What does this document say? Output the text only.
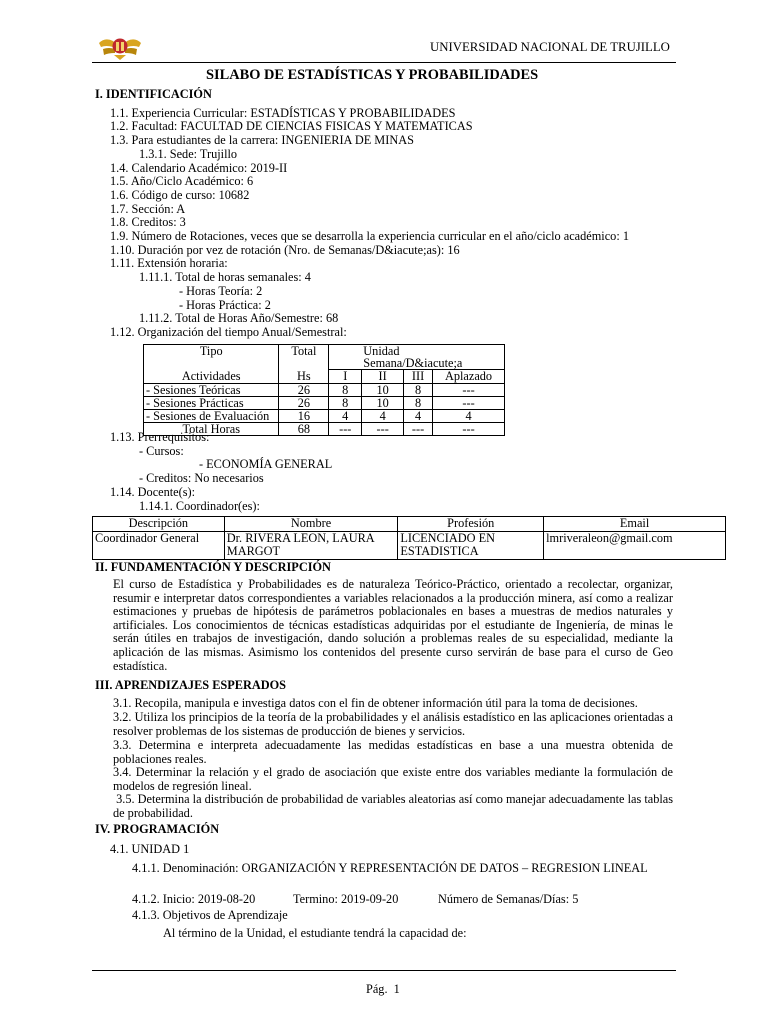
UNIVERSIDAD NACIONAL DE TRUJILLO
SILABO DE ESTADÍSTICAS Y PROBABILIDADES
I. IDENTIFICACIÓN
1.1. Experiencia Curricular: ESTADÍSTICAS Y PROBABILIDADES
1.2. Facultad: FACULTAD DE CIENCIAS FISICAS Y MATEMATICAS
1.3. Para estudiantes de la carrera: INGENIERIA DE MINAS
1.3.1. Sede: Trujillo
1.4. Calendario Académico: 2019-II
1.5. Año/Ciclo Académico: 6
1.6. Código de curso: 10682
1.7. Sección: A
1.8. Creditos: 3
1.9. Número de Rotaciones, veces que se desarrolla la experiencia curricular en el año/ciclo académico: 1
1.10. Duración por vez de rotación (Nro. de Semanas/D&iacute;as): 16
1.11. Extensión horaria:
1.11.1. Total de horas semanales: 4
- Horas Teoría: 2
- Horas Práctica: 2
1.11.2. Total de Horas Año/Semestre: 68
1.12. Organización del tiempo Anual/Semestral:
Tipo	Total	UnidadSemana/D&iacute;a			
Actividades	Hs	I	II	III	Aplazado
- Sesiones Teóricas	26	8	10	8	---
- Sesiones Prácticas	26	8	10	8	---
- Sesiones de Evaluación	16	4	4	4	4
Total Horas	68	---	---	---	---
1.13. Prerrequisitos:
- Cursos:
- ECONOMÍA GENERAL
- Creditos: No necesarios
1.14. Docente(s):
1.14.1. Coordinador(es):
Descripción	Nombre	Profesión	Email
Coordinador General	Dr. RIVERA LEON, LAURA MARGOT	LICENCIADO EN ESTADISTICA	lmriveraleon@gmail.com
II. FUNDAMENTACIÓN Y DESCRIPCIÓN
El curso de Estadística y Probabilidades es de naturaleza Teórico-Práctico, orientado a recolectar, organizar, resumir e interpretar datos correspondientes a variables relacionados a la producción minera, así como a realizar estimaciones y pruebas de hipótesis de parámetros poblacionales en bases a muestras de medios naturales y artificiales. Los conocimientos de técnicas estadísticas adquiridas por el estudiante de Ingeniería, de minas le serán útiles en trabajos de investigación, dando solución a problemas reales de su especialidad, mediante la aplicación de las mismas. Asimismo los contenidos del presente curso servirán de base para el curso de Geo estadística.
III. APRENDIZAJES ESPERADOS
3.1. Recopila, manipula e investiga datos con el fin de obtener información útil para la toma de decisiones.
3.2. Utiliza los principios de la teoría de la probabilidades y el análisis estadístico en las aplicaciones orientadas a resolver problemas de los sistemas de producción de bienes y servicios.
3.3. Determina e interpreta adecuadamente las medidas estadísticas en base a una muestra obtenida de poblaciones reales.
3.4. Determinar la relación y el grado de asociación que existe entre dos variables mediante la formulación de modelos de regresión lineal.
3.5. Determina la distribución de probabilidad de variables aleatorias así como manejar adecuadamente las tablas de probabilidad.
IV. PROGRAMACIÓN
4.1. UNIDAD 1
4.1.1. Denominación: ORGANIZACIÓN Y REPRESENTACIÓN DE DATOS – REGRESION LINEAL
4.1.2. Inicio: 2019-08-20	Termino: 2019-09-20	Número de Semanas/Días: 5
4.1.3. Objetivos de Aprendizaje
Al término de la Unidad, el estudiante tendrá la capacidad de:
Pág.  1
